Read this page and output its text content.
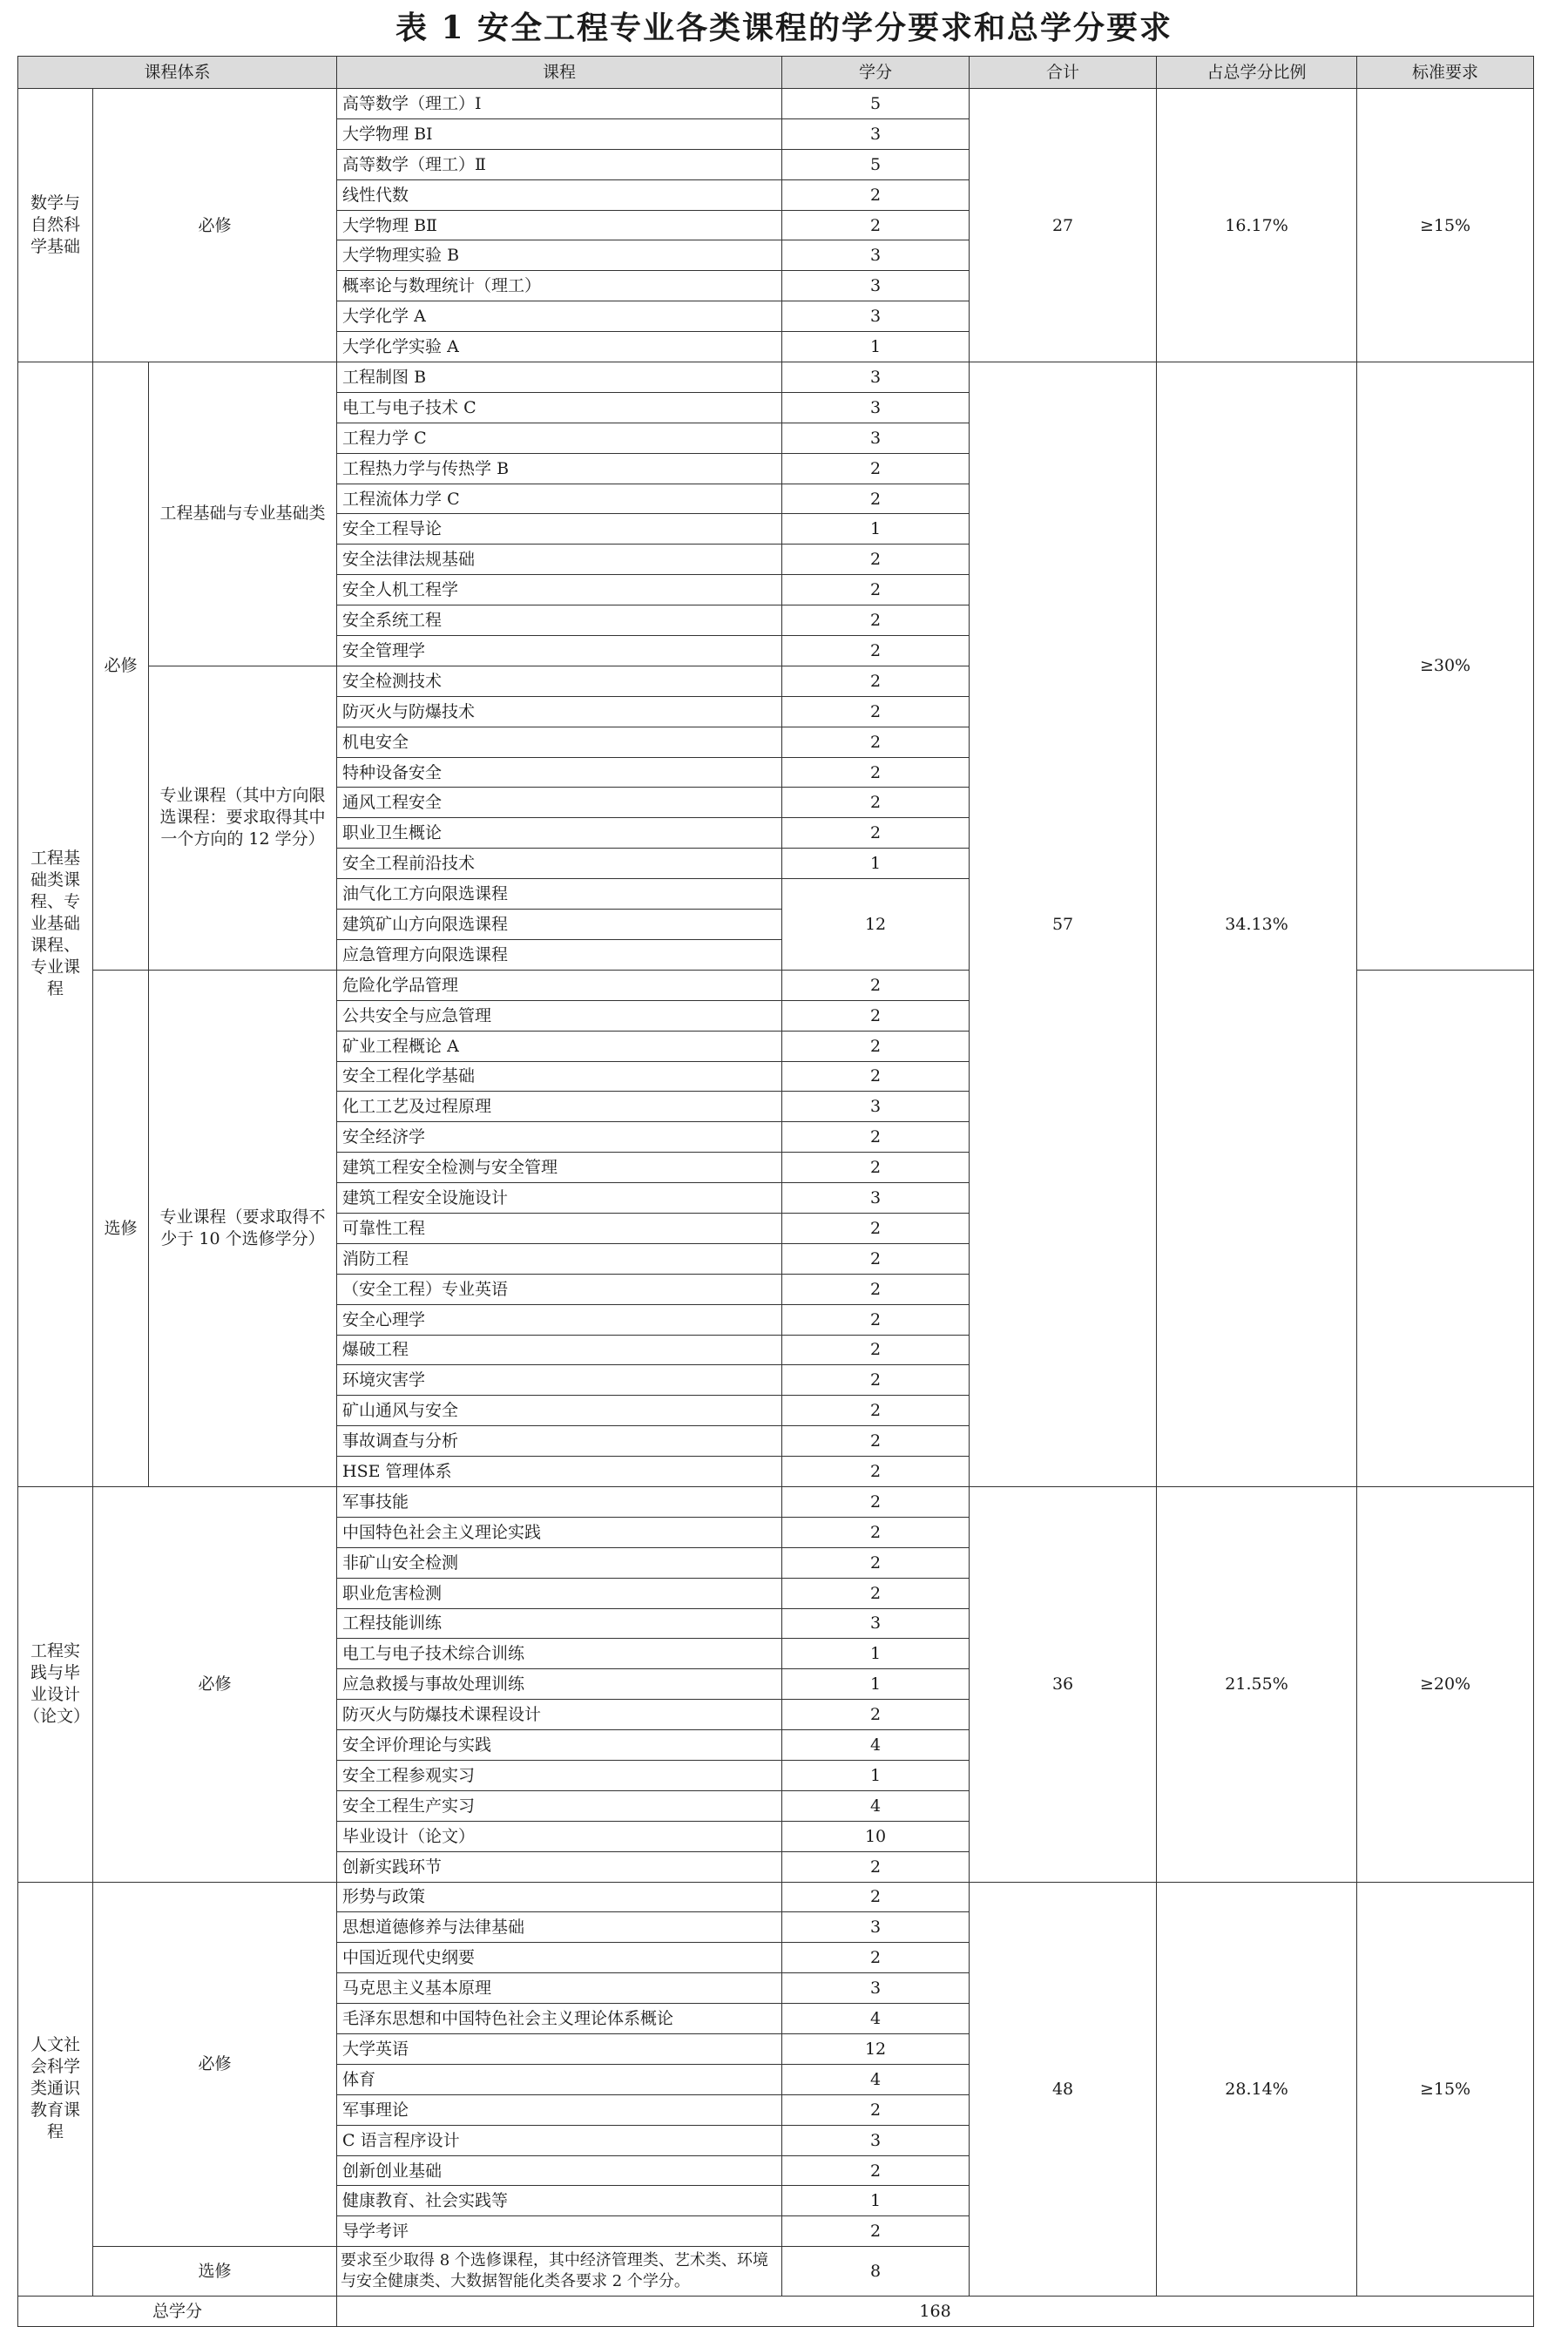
表 1 安全工程专业各类课程的学分要求和总学分要求
课程体系			课程	学分	合计	占总学分比例	标准要求
数学与自然科学基础	必修		高等数学（理工）Ⅰ	5	27	16.17%	≥15%
			大学物理 BⅠ	3			
			高等数学（理工）Ⅱ	5			
			线性代数	2			
			大学物理 BⅡ	2			
			大学物理实验 B	3			
			概率论与数理统计（理工）	3			
			大学化学 A	3			
			大学化学实验 A	1			
工程基础类课程、专业基础课程、专业课程	必修	工程基础与专业基础类	工程制图 B	3	57	34.13%	≥30%
			电工与电子技术 C	3			
			工程力学 C	3			
			工程热力学与传热学 B	2			
			工程流体力学 C	2			
			安全工程导论	1			
			安全法律法规基础	2			
			安全人机工程学	2			
			安全系统工程	2			
			安全管理学	2			
		专业课程（其中方向限选课程：要求取得其中一个方向的 12 学分）	安全检测技术	2			
			防灭火与防爆技术	2			
			机电安全	2			
			特种设备安全	2			
			通风工程安全	2			
			职业卫生概论	2			
			安全工程前沿技术	1			
			油气化工方向限选课程	12			
			建筑矿山方向限选课程				
			应急管理方向限选课程				
	选修	专业课程（要求取得不少于 10 个选修学分）	危险化学品管理	2			
			公共安全与应急管理	2			
			矿业工程概论 A	2			
			安全工程化学基础	2			
			化工工艺及过程原理	3			
			安全经济学	2			
			建筑工程安全检测与安全管理	2			
			建筑工程安全设施设计	3			
			可靠性工程	2			
			消防工程	2			
			（安全工程）专业英语	2			
			安全心理学	2			
			爆破工程	2			
			环境灾害学	2			
			矿山通风与安全	2			
			事故调查与分析	2			
			HSE 管理体系	2			
工程实践与毕业设计（论文）	必修		军事技能	2	36	21.55%	≥20%
			中国特色社会主义理论实践	2			
			非矿山安全检测	2			
			职业危害检测	2			
			工程技能训练	3			
			电工与电子技术综合训练	1			
			应急救援与事故处理训练	1			
			防灭火与防爆技术课程设计	2			
			安全评价理论与实践	4			
			安全工程参观实习	1			
			安全工程生产实习	4			
			毕业设计（论文）	10			
			创新实践环节	2			
人文社会科学类通识教育课程	必修		形势与政策	2	48	28.14%	≥15%
			思想道德修养与法律基础	3			
			中国近现代史纲要	2			
			马克思主义基本原理	3			
			毛泽东思想和中国特色社会主义理论体系概论	4			
			大学英语	12			
			体育	4			
			军事理论	2			
			C 语言程序设计	3			
			创新创业基础	2			
			健康教育、社会实践等	1			
			导学考评	2			
	选修		要求至少取得 8 个选修课程，其中经济管理类、艺术类、环境与安全健康类、大数据智能化类各要求 2 个学分。	8			
总学分			168				
